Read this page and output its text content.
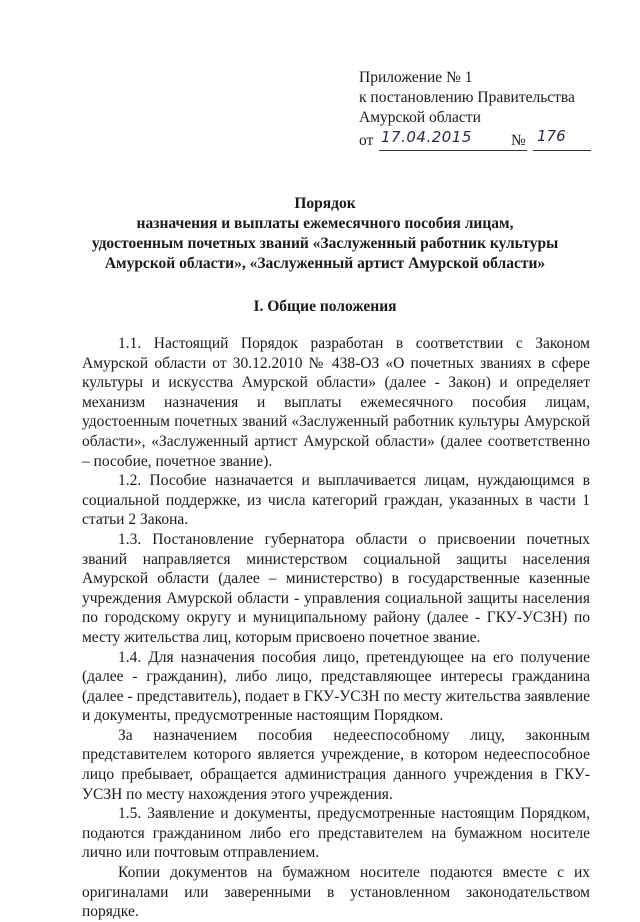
Приложение № 1
к постановлению Правительства
Амурской области
от 17.04.2015	№ 176
Порядок
назначения и выплаты ежемесячного пособия лицам,
удостоенным почетных званий «Заслуженный работник культуры
Амурской области», «Заслуженный артист Амурской области»
I. Общие положения

1.1. Настоящий Порядок разработан в соответствии с Законом Амурской области от 30.12.2010 № 438-ОЗ «О почетных званиях в сфере культуры и искусства Амурской области» (далее - Закон) и определяет механизм назначения и выплаты ежемесячного пособия лицам, удостоенным почетных званий «Заслуженный работник культуры Амурской области», «Заслуженный артист Амурской области» (далее соответственно – пособие, почетное звание).

1.2. Пособие назначается и выплачивается лицам, нуждающимся в социальной поддержке, из числа категорий граждан, указанных в части 1 статьи 2 Закона.

1.3. Постановление губернатора области о присвоении почетных званий направляется министерством социальной защиты населения Амурской области (далее – министерство) в государственные казенные учреждения Амурской области - управления социальной защиты населения по городскому округу и муниципальному району (далее - ГКУ-УСЗН) по месту жительства лиц, которым присвоено почетное звание.

1.4. Для назначения пособия лицо, претендующее на его получение (далее - гражданин), либо лицо, представляющее интересы гражданина (далее - представитель), подает в ГКУ-УСЗН по месту жительства заявление и документы, предусмотренные настоящим Порядком.

За назначением пособия недееспособному лицу, законным представителем которого является учреждение, в котором недееспособное лицо пребывает, обращается администрация данного учреждения в ГКУ-УСЗН по месту нахождения этого учреждения.

1.5. Заявление и документы, предусмотренные настоящим Порядком, подаются гражданином либо его представителем на бумажном носителе лично или почтовым отправлением.

Копии документов на бумажном носителе подаются вместе с их оригиналами или заверенными в установленном законодательством порядке.
